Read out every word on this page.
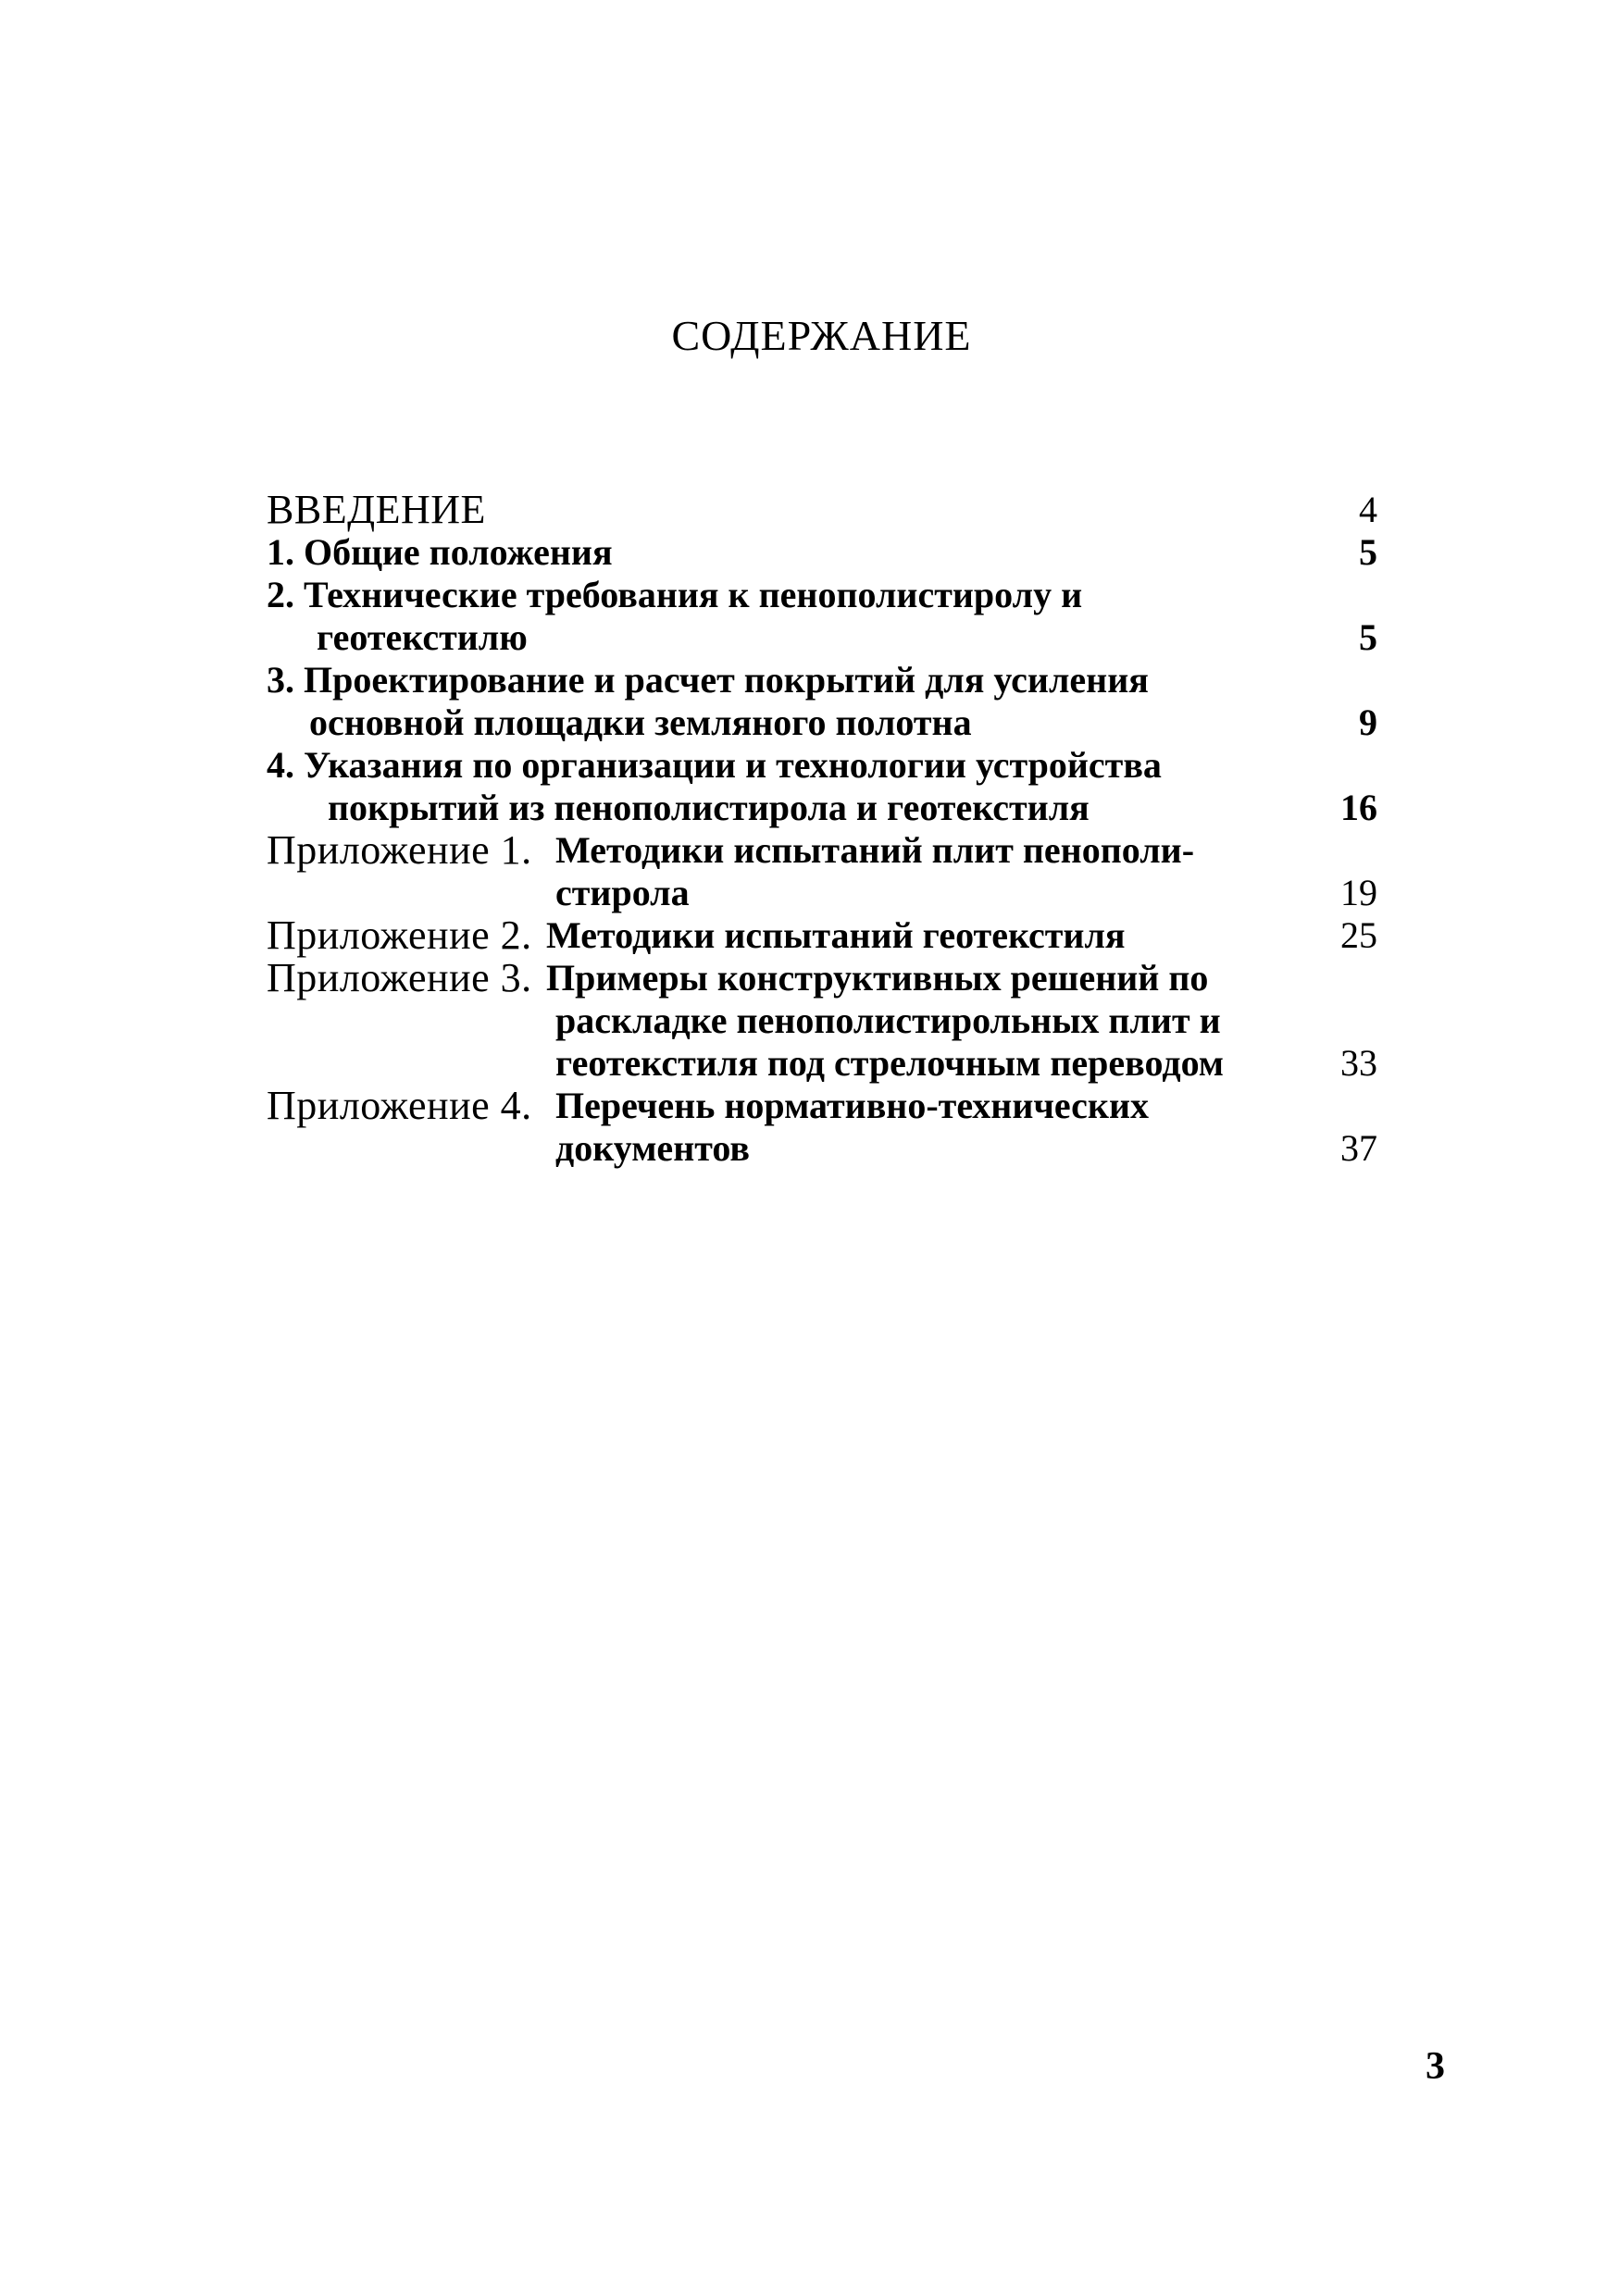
СОДЕРЖАНИЕ
ВВЕДЕНИЕ	4
1. Общие положения	5
2. Технические требования к пенополистиролу и
геотекстилю	5
3. Проектирование и расчет покрытий для усиления
основной площадки земляного полотна	9
4. Указания по организации и технологии устройства
покрытий из пенополистирола и геотекстиля	16
Приложение 1. Методики испытаний плит пенополи-
стирола	19
Приложение 2. Методики испытаний геотекстиля	25
Приложение 3. Примеры конструктивных решений по
раскладке пенополистирольных плит и
геотекстиля под стрелочным переводом	33
Приложение 4. Перечень нормативно-технических
документов	37
3
